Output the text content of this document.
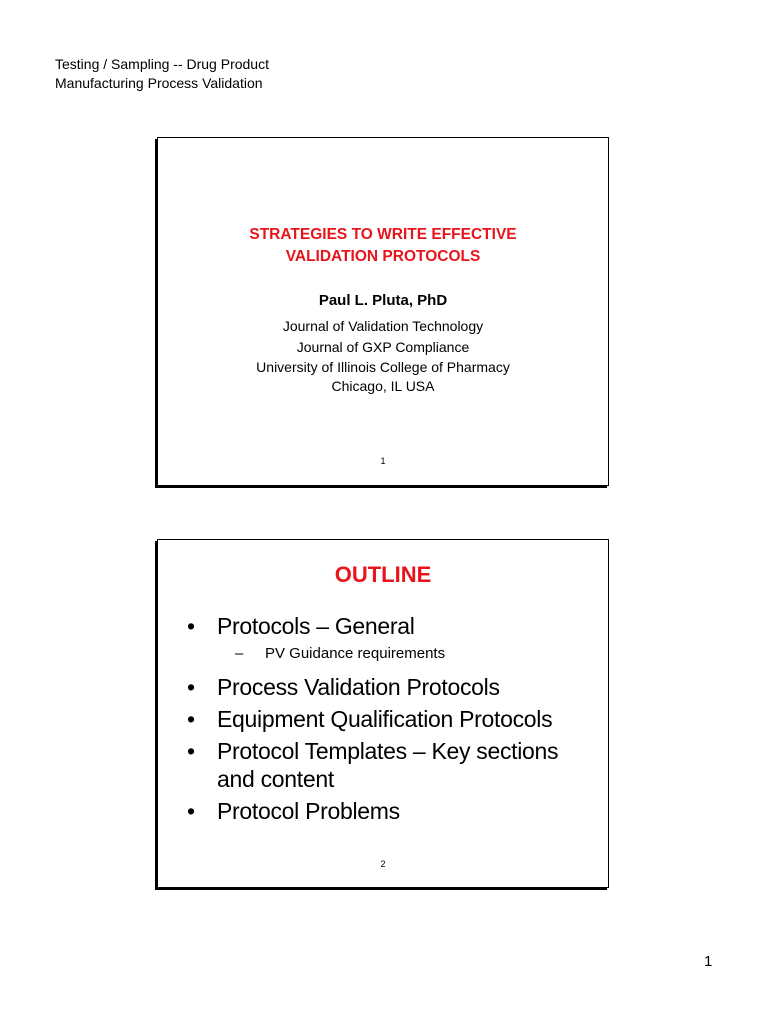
Testing / Sampling -- Drug Product
Manufacturing Process Validation
STRATEGIES TO WRITE EFFECTIVE
VALIDATION PROTOCOLS
Paul L. Pluta, PhD
Journal of Validation Technology
Journal of GXP Compliance
University of Illinois College of Pharmacy
Chicago, IL USA
1
OUTLINE
• Protocols – General
– PV Guidance requirements
• Process Validation Protocols
• Equipment Qualification Protocols
• Protocol Templates – Key sections and content
• Protocol Problems
2
1
